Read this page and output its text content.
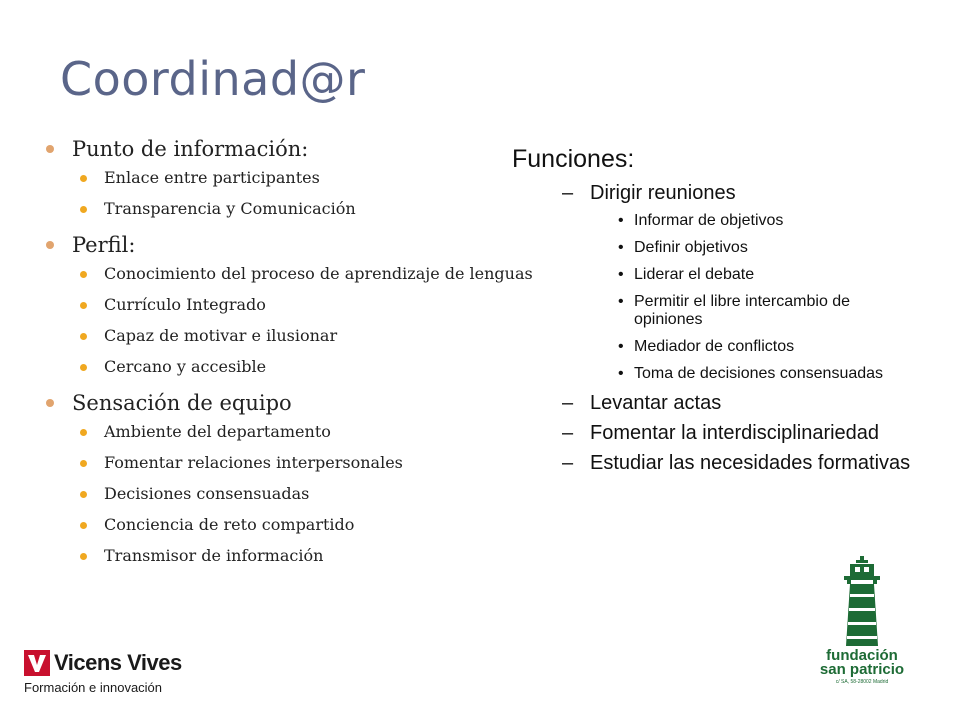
Coordinad@r
Punto de información:
Enlace entre participantes
Transparencia y Comunicación
Perfil:
Conocimiento del proceso de aprendizaje de lenguas
Currículo Integrado
Capaz de motivar e ilusionar
Cercano y accesible
Sensación de equipo
Ambiente del departamento
Fomentar relaciones interpersonales
Decisiones consensuadas
Conciencia de reto compartido
Transmisor de información
Funciones:
– Dirigir reuniones
• Informar de objetivos
• Definir objetivos
• Liderar el debate
• Permitir el libre intercambio de opiniones
• Mediador de conflictos
• Toma de decisiones consensuadas
– Levantar actas
– Fomentar la interdisciplinariedad
– Estudiar las necesidades formativas
Vicens Vives
Formación e innovación
fundación
san patricio
c/ SA, 58-28002 Madrid
